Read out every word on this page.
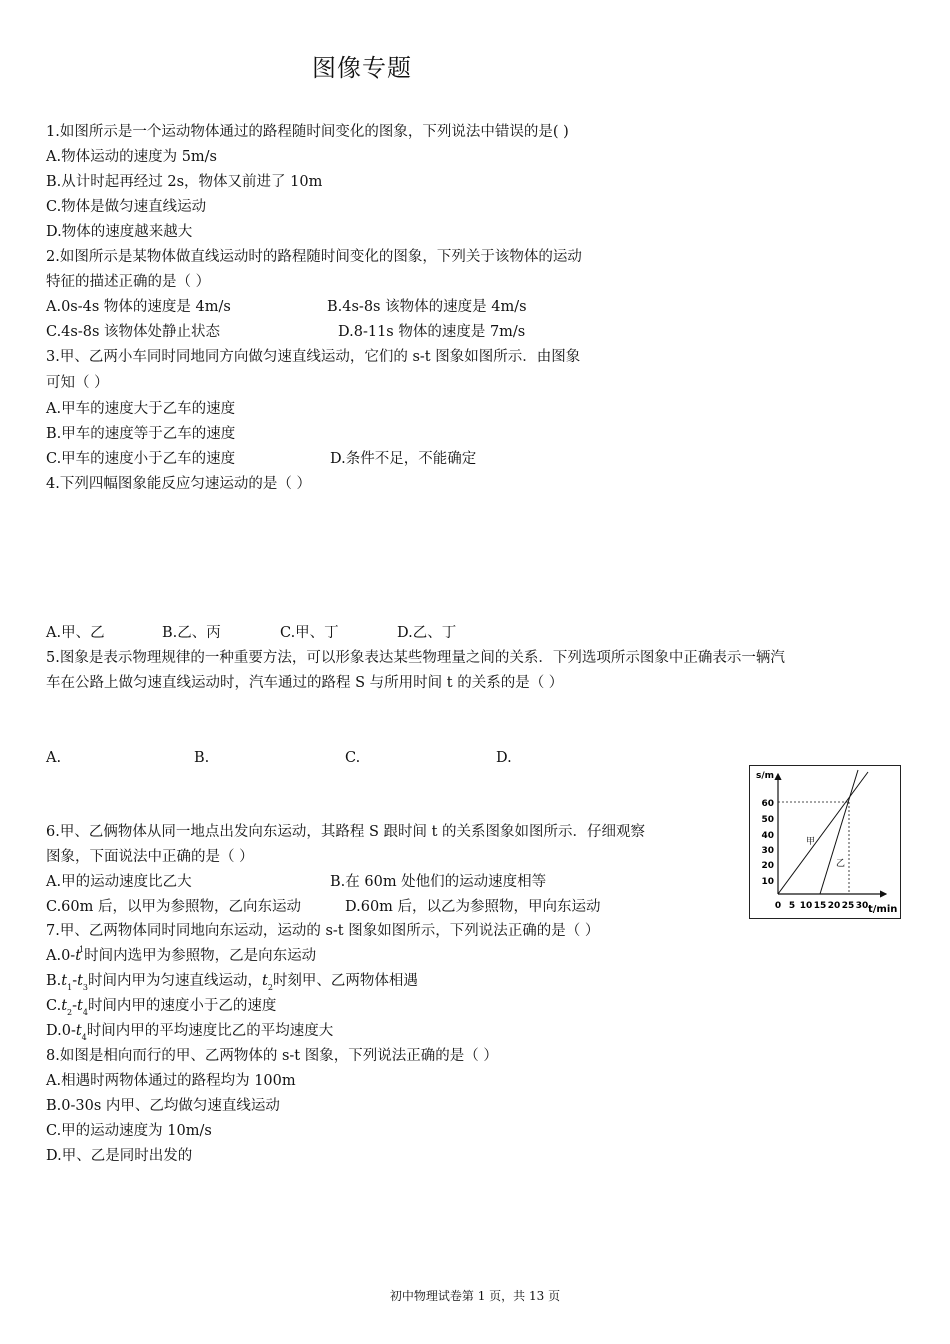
图像专题
1.如图所示是一个运动物体通过的路程随时间变化的图象，下列说法中错误的是( )
A.物体运动的速度为 5m/s
B.从计时起再经过 2s，物体又前进了 10m
C.物体是做匀速直线运动
D.物体的速度越来越大
2.如图所示是某物体做直线运动时的路程随时间变化的图象，下列关于该物体的运动
特征的描述正确的是（ ）
A.0s-4s 物体的速度是 4m/s	B.4s-8s 该物体的速度是 4m/s
C.4s-8s 该物体处静止状态	D.8-11s 物体的速度是 7m/s
3.甲、乙两小车同时同地同方向做匀速直线运动，它们的 s-t 图象如图所示．由图象
可知（ ）
A.甲车的速度大于乙车的速度
B.甲车的速度等于乙车的速度
C.甲车的速度小于乙车的速度	D.条件不足，不能确定
4.下列四幅图象能反应匀速运动的是（ ）
A.甲、乙	B.乙、丙	C.甲、丁	D.乙、丁
5.图象是表示物理规律的一种重要方法，可以形象表达某些物理量之间的关系．下列选项所示图象中正确表示一辆汽
车在公路上做匀速直线运动时，汽车通过的路程 S 与所用时间 t 的关系的是（ ）
A.	B.	C.	D.
s/m
t/min
10
20
30
40
50
60
0 5 10 15 20 25 30
甲
乙
6.甲、乙俩物体从同一地点出发向东运动，其路程 S 跟时间 t 的关系图象如图所示．仔细观察
图象，下面说法中正确的是（ ）
A.甲的运动速度比乙大	B.在 60m 处他们的运动速度相等
C.60m 后，以甲为参照物，乙向东运动	D.60m 后，以乙为参照物，甲向东运动
7.甲、乙两物体同时同地向东运动，运动的 s-t 图象如图所示，下列说法正确的是（ ）
$A.0-t^1$时间内选甲为参照物，乙是向东运动
$B.t_1-t_3$时间内甲为匀速直线运动，$t_2$时刻甲、乙两物体相遇
$C.t_2-t_4$时间内甲的速度小于乙的速度
$D.0-t_4$时间内甲的平均速度比乙的平均速度大
8.如图是相向而行的甲、乙两物体的 s-t 图象，下列说法正确的是（ ）
A.相遇时两物体通过的路程均为 100m
B.0-30s 内甲、乙均做匀速直线运动
C.甲的运动速度为 10m/s
D.甲、乙是同时出发的
初中物理试卷第 1 页，共 13 页
